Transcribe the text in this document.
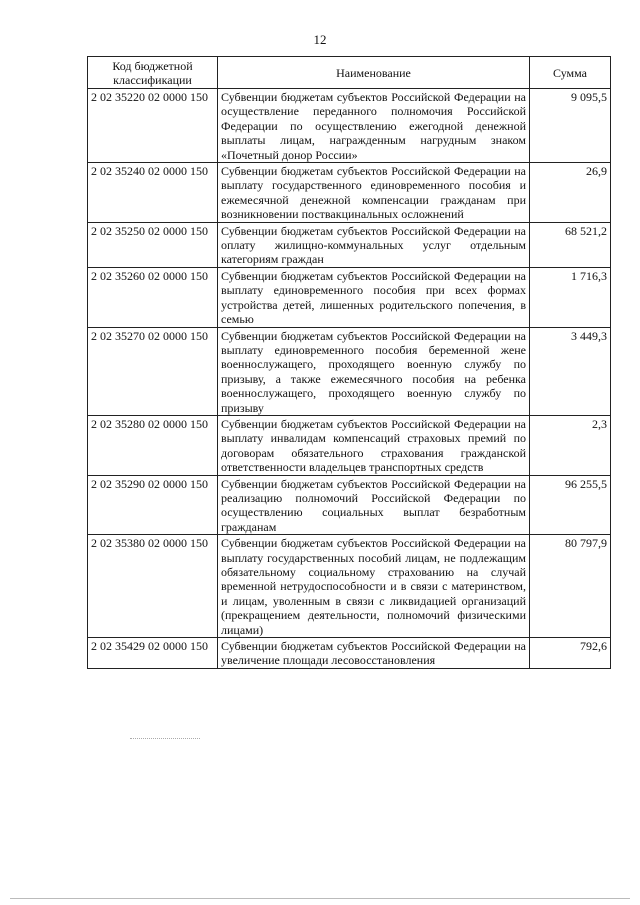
12
Код бюджетной классификации	Наименование	Сумма
2 02 35220 02 0000 150	Субвенции бюджетам субъектов Российской Федерации на осуществление переданного полномочия Российской Федерации по осуществлению ежегодной денежной выплаты лицам, награжденным нагрудным знаком «Почетный донор России»	9 095,5
2 02 35240 02 0000 150	Субвенции бюджетам субъектов Российской Федерации на выплату государственного единовременного пособия и ежемесячной денежной компенсации гражданам при возникновении поствакцинальных осложнений	26,9
2 02 35250 02 0000 150	Субвенции бюджетам субъектов Российской Федерации на оплату жилищно-коммунальных услуг отдельным категориям граждан	68 521,2
2 02 35260 02 0000 150	Субвенции бюджетам субъектов Российской Федерации на выплату единовременного пособия при всех формах устройства детей, лишенных родительского попечения, в семью	1 716,3
2 02 35270 02 0000 150	Субвенции бюджетам субъектов Российской Федерации на выплату единовременного пособия беременной жене военнослужащего, проходящего военную службу по призыву, а также ежемесячного пособия на ребенка военнослужащего, проходящего военную службу по призыву	3 449,3
2 02 35280 02 0000 150	Субвенции бюджетам субъектов Российской Федерации на выплату инвалидам компенсаций страховых премий по договорам обязательного страхования гражданской ответственности владельцев транспортных средств	2,3
2 02 35290 02 0000 150	Субвенции бюджетам субъектов Российской Федерации на реализацию полномочий Российской Федерации по осуществлению социальных выплат безработным гражданам	96 255,5
2 02 35380 02 0000 150	Субвенции бюджетам субъектов Российской Федерации на выплату государственных пособий лицам, не подлежащим обязательному социальному страхованию на случай временной нетрудоспособности и в связи с материнством, и лицам, уволенным в связи с ликвидацией организаций (прекращением деятельности, полномочий физическими лицами)	80 797,9
2 02 35429 02 0000 150	Субвенции бюджетам субъектов Российской Федерации на увеличение площади лесовосстановления	792,6
